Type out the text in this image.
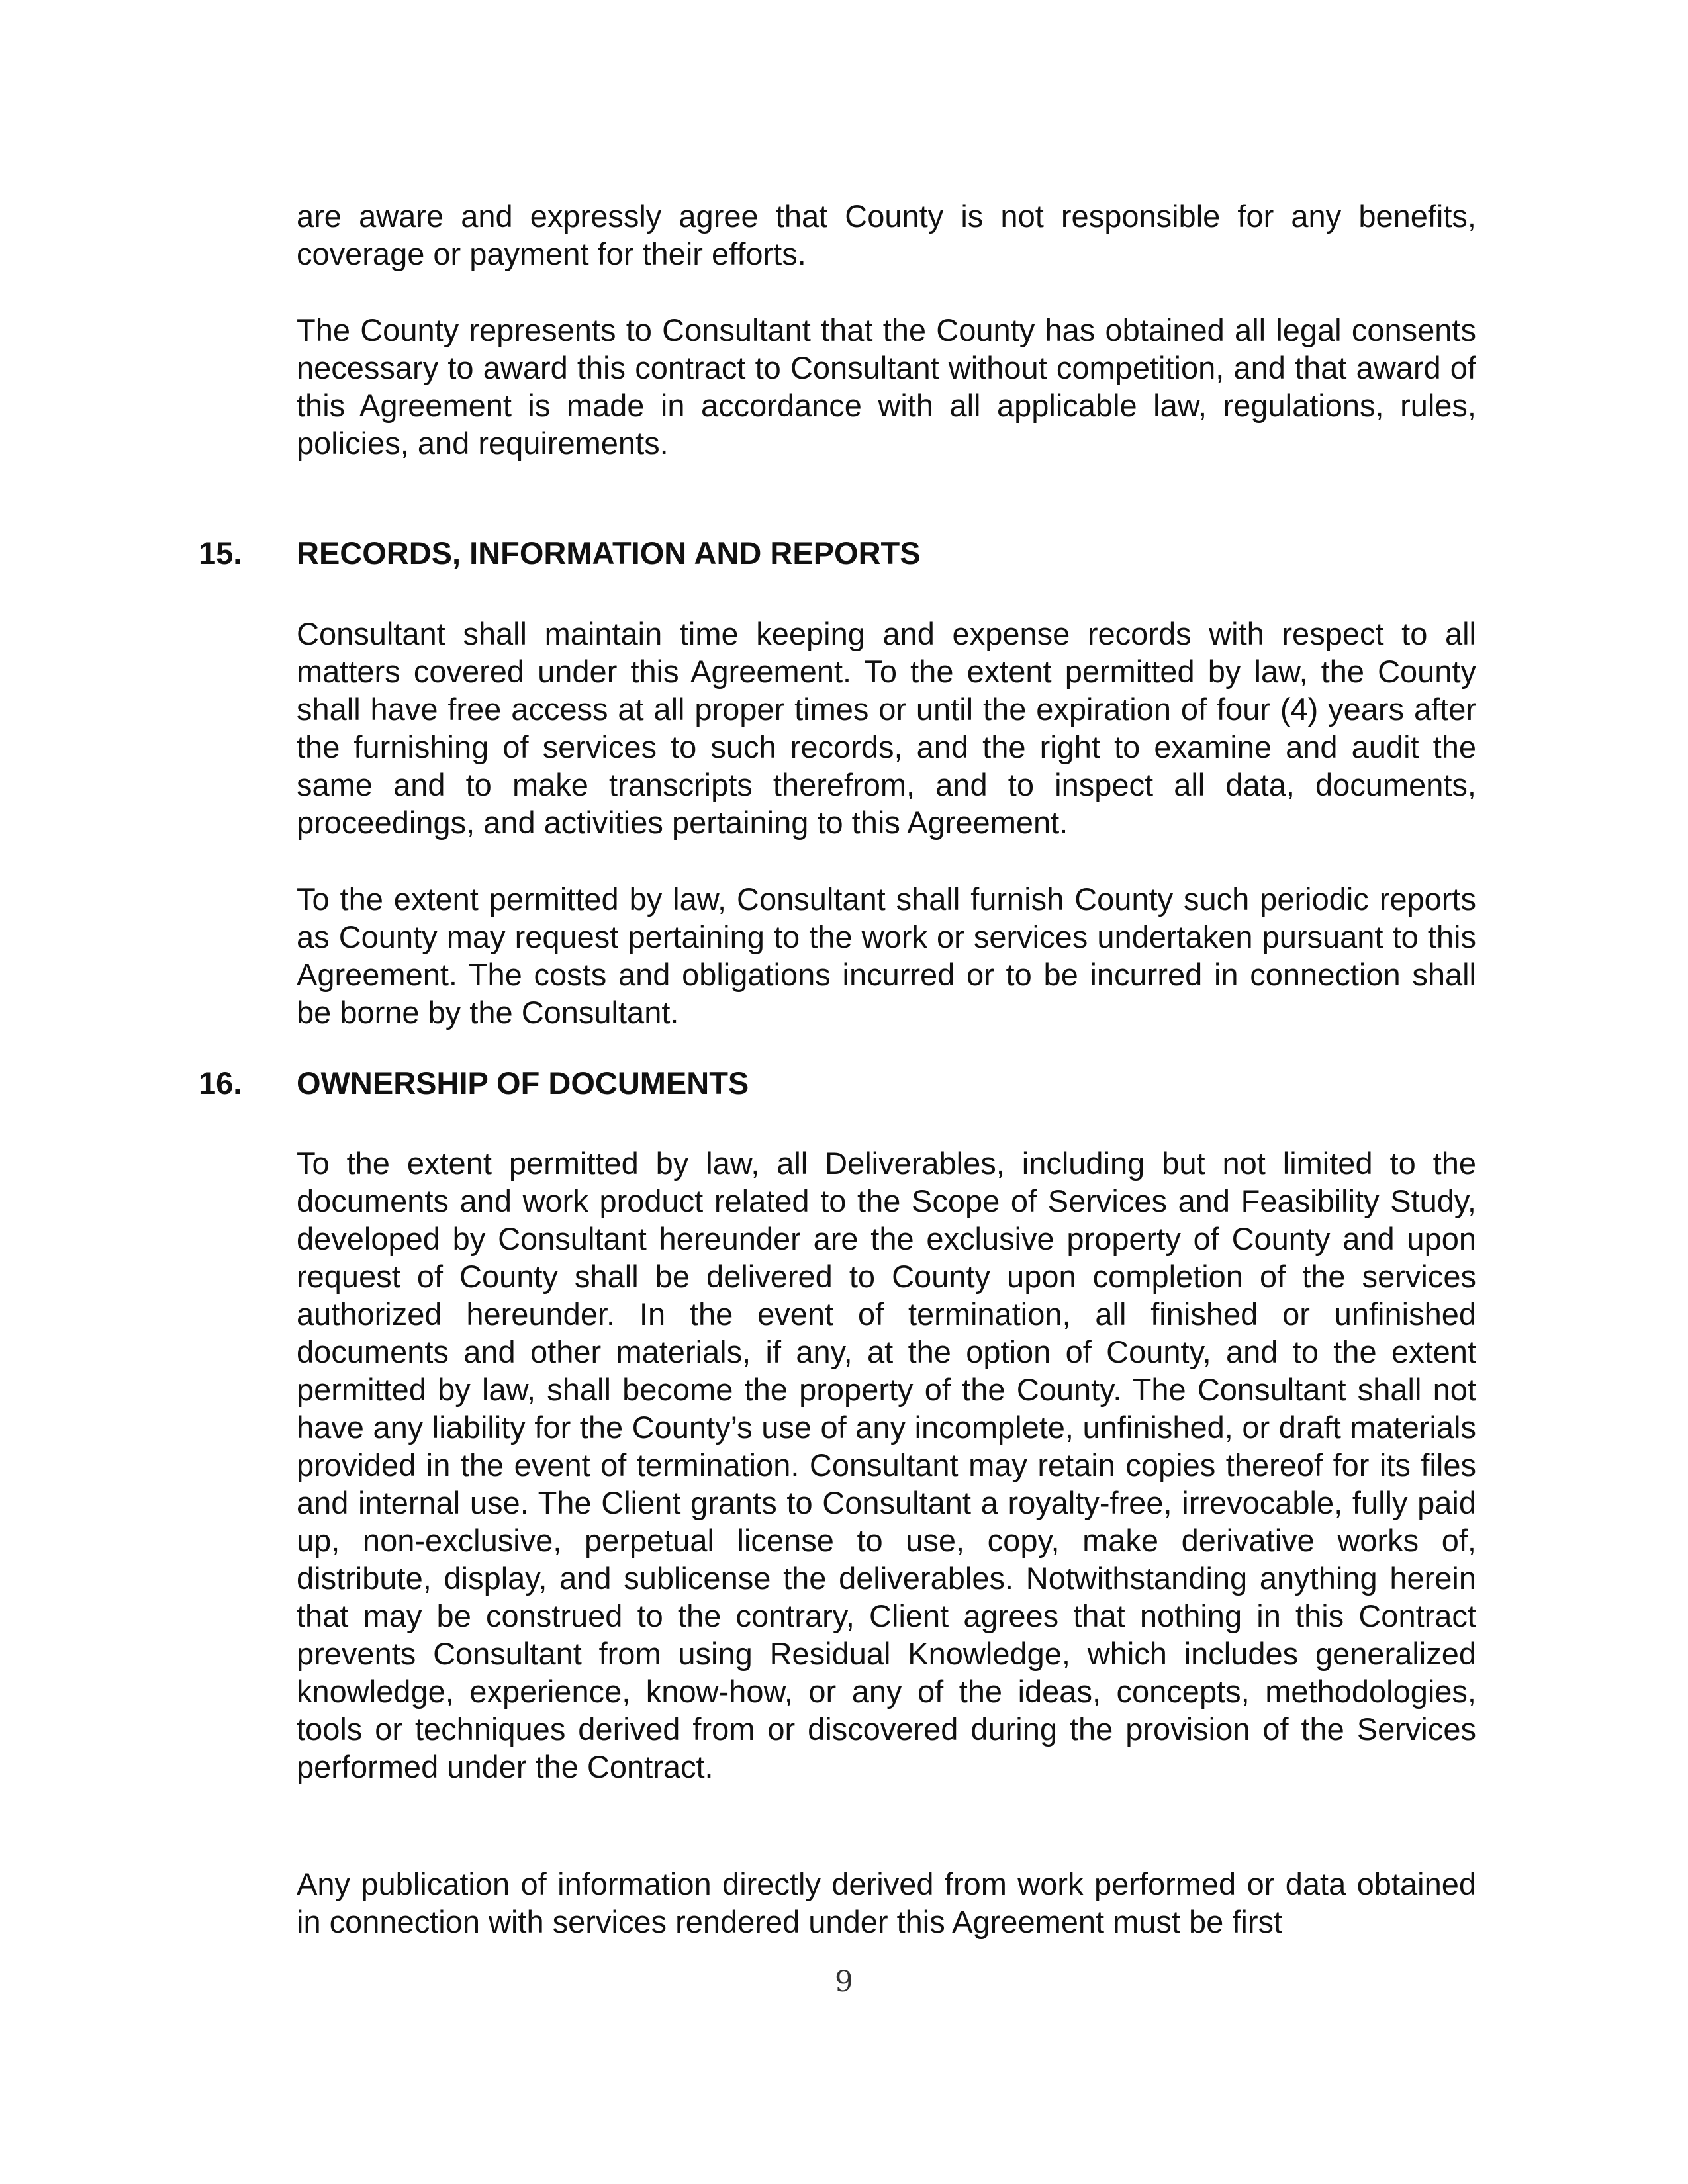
are aware and expressly agree that County is not responsible for any benefits, coverage or payment for their efforts.

The County represents to Consultant that the County has obtained all legal consents necessary to award this contract to Consultant without competition, and that award of this Agreement is made in accordance with all applicable law, regulations, rules, policies, and requirements.

15. RECORDS, INFORMATION AND REPORTS

Consultant shall maintain time keeping and expense records with respect to all matters covered under this Agreement. To the extent permitted by law, the County shall have free access at all proper times or until the expiration of four (4) years after the furnishing of services to such records, and the right to examine and audit the same and to make transcripts therefrom, and to inspect all data, documents, proceedings, and activities pertaining to this Agreement.

To the extent permitted by law, Consultant shall furnish County such periodic reports as County may request pertaining to the work or services undertaken pursuant to this Agreement. The costs and obligations incurred or to be incurred in connection shall be borne by the Consultant.

16. OWNERSHIP OF DOCUMENTS

To the extent permitted by law, all Deliverables, including but not limited to the documents and work product related to the Scope of Services and Feasibility Study, developed by Consultant hereunder are the exclusive property of County and upon request of County shall be delivered to County upon completion of the services authorized hereunder. In the event of termination, all finished or unfinished documents and other materials, if any, at the option of County, and to the extent permitted by law, shall become the property of the County. The Consultant shall not have any liability for the County’s use of any incomplete, unfinished, or draft materials provided in the event of termination. Consultant may retain copies thereof for its files and internal use. The Client grants to Consultant a royalty-free, irrevocable, fully paid up, non-exclusive, perpetual license to use, copy, make derivative works of, distribute, display, and sublicense the deliverables. Notwithstanding anything herein that may be construed to the contrary, Client agrees that nothing in this Contract prevents Consultant from using Residual Knowledge, which includes generalized knowledge, experience, know-how, or any of the ideas, concepts, methodologies, tools or techniques derived from or discovered during the provision of the Services performed under the Contract.

Any publication of information directly derived from work performed or data obtained in connection with services rendered under this Agreement must be first

9
